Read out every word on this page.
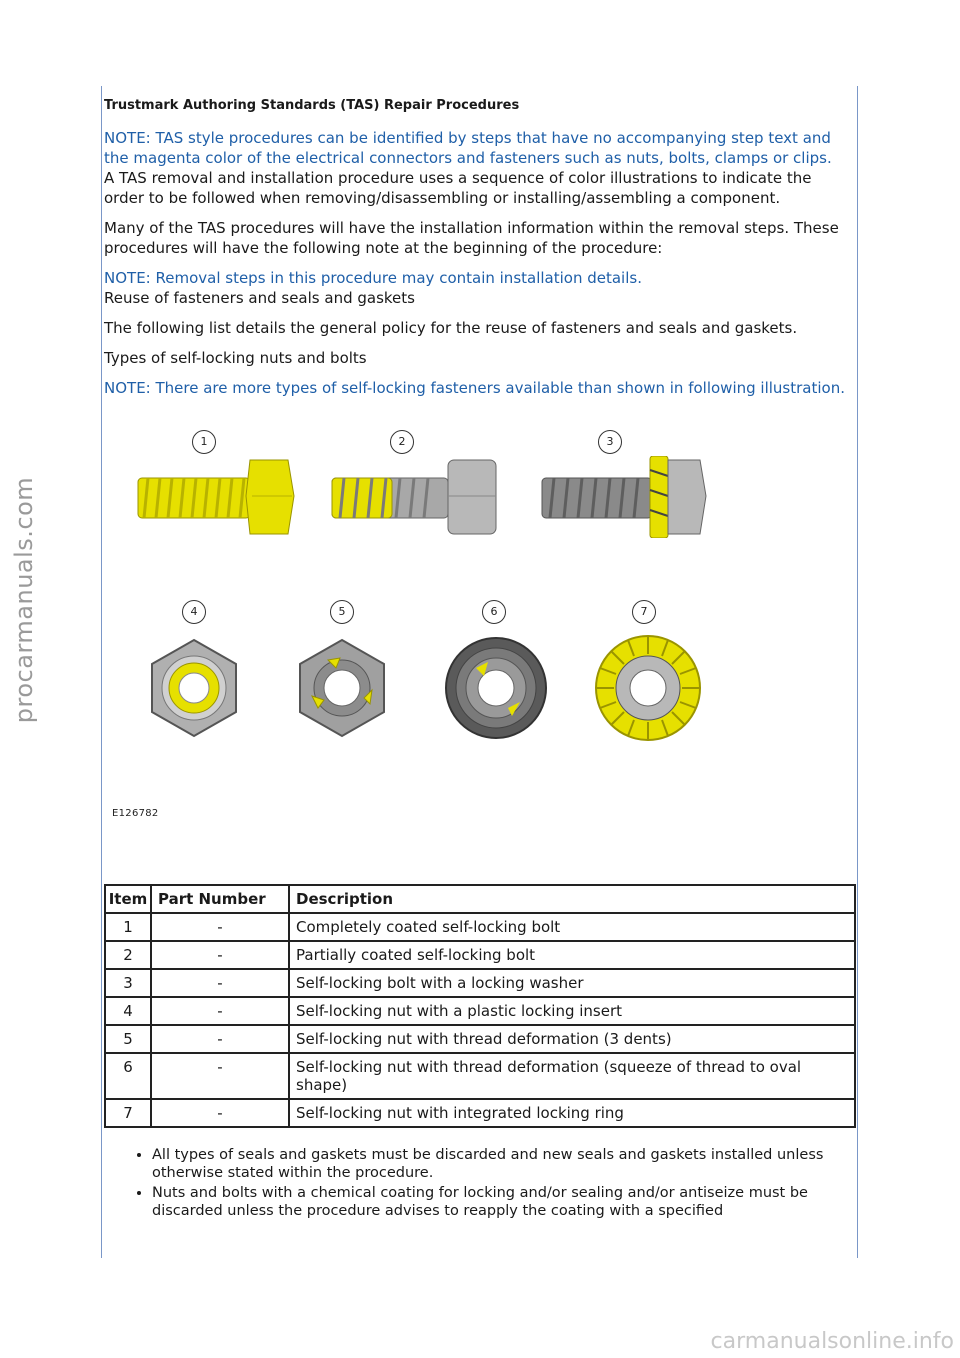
procarmanuals.com
Trustmark Authoring Standards (TAS) Repair Procedures
NOTE: TAS style procedures can be identified by steps that have no accompanying step text and the magenta color of the electrical connectors and fasteners such as nuts, bolts, clamps or clips.

A TAS removal and installation procedure uses a sequence of color illustrations to indicate the order to be followed when removing/disassembling or installing/assembling a component.

Many of the TAS procedures will have the installation information within the removal steps. These procedures will have the following note at the beginning of the procedure:

NOTE: Removal steps in this procedure may contain installation details.

Reuse of fasteners and seals and gaskets

The following list details the general policy for the reuse of fasteners and seals and gaskets.

Types of self-locking nuts and bolts

NOTE: There are more types of self-locking fasteners available than shown in following illustration.
1	2	3
4	5	6	7
E126782
Item	Part Number	Description
1	-	Completely coated self-locking bolt
2	-	Partially coated self-locking bolt
3	-	Self-locking bolt with a locking washer
4	-	Self-locking nut with a plastic locking insert
5	-	Self-locking nut with thread deformation (3 dents)
6	-	Self-locking nut with thread deformation (squeeze of thread to oval shape)
7	-	Self-locking nut with integrated locking ring
• All types of seals and gaskets must be discarded and new seals and gaskets installed unless otherwise stated within the procedure.
• Nuts and bolts with a chemical coating for locking and/or sealing and/or antiseize must be discarded unless the procedure advises to reapply the coating with a specified
carmanualsonline.info
